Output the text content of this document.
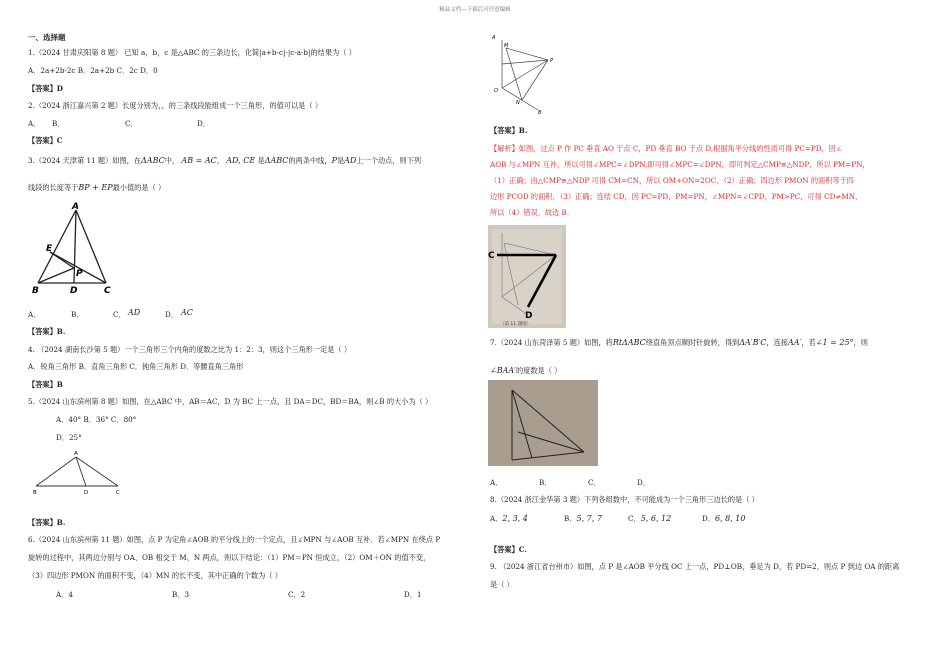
精品文档---下载后可任意编辑
一、选择题
1.（2024 甘肃庆阳第 8 题） 已知 a，b，c 是△ABC 的三条边长，化简|a+b-c|-|c-a-b|的结果为（ ）
A．2a+2b-2c B．2a+2b C．2c D．0
【答案】D
2.（2024 浙江嘉兴第 2 题）长度分别为，，的三条线段能组成一个三角形，的值可以是（ ）
A． B．	C．	D．
【答案】C
3.（2024 天津第 11 题）如图，在ΔABC中， AB = AC， AD, CE 是ΔABC的两条中线，P是AD上一个动点，则下列
线段的长度等于BP + EP最小值的是（ ）
A
E
P
B	D	C
A．	B．	C． AD	D． AC
【答案】B.
4. （2024 湖南长沙第 5 题）一个三角形三个内角的度数之比为 1：2：3，则这个三角形一定是（ ）
A．锐角三角形 B．直角三角形 C．钝角三角形 D．等腰直角三角形
【答案】B
5.（2024 山东滨州第 8 题）如图，在△ABC 中，AB＝AC，D 为 BC 上一点，且 DA＝DC，BD＝BA，则∠B 的大小为（ ）
A．40° B．36° C．80°
D．25°
A
B	D	C
【答案】B.
6.（2024 山东滨州第 11 题）如图，点 P 为定角∠AOB 的平分线上的一个定点，且∠MPN 与∠AOB 互补．若∠MPN 在绕点 P
旋转的过程中，其两边分别与 OA、OB 相交于 M、N 两点，则以下结论：（1）PM＝PN 恒成立，（2）OM＋ON 的值不变，
（3）四边形 PMON 的面积不变，（4）MN 的长不变，其中正确的个数为（ ）
A．4	B．3	C．2	D．1
A
M
P
O
N
B
【答案】B.
【解析】如图，过点 P 作 PC 垂直 AO 于点 C，PD 垂直 BO 于点 D,根据角平分线的性质可得 PC=PD，因∠
AOB 与∠MPN 互补，所以可得∠MPC=∠DPN,即可得∠MPC=∠DPN，即可判定△CMP≌△NDP，所以 PM=PN，
（1）正确；由△CMP≌△NDP 可得 CM=CN，所以 OM+ON=2OC，（2）正确；四边形 PMON 的面积等于四
边形 PCOD 的面积，（3）正确；连结 CD，因 PC=PD，PM=PN，∠MPN=∠CPD，PM>PC，可得 CD≠MN，
所以（4）错误，故选 B.
C
D
（第 11 题图）
7.（2024 山东菏泽第 5 题）如图，将RtΔABC绕直角顶点顺时针旋转，得到ΔA′B′C，连接AA′，若∠1 = 25°，则
∠BAA′的度数是（ ）
A．	B．	C．	D．
8.（2024 浙江金华第 3 题）下列各组数中，不可能成为一个三角形三边长的是（ ）
A．2, 3, 4	B．5, 7, 7	C．5, 6, 12	D．6, 8, 10
【答案】C.
9. （2024 浙江省台州市）如图，点 P 是∠AOB 平分线 OC 上一点，PD⊥OB，垂足为 D，若 PD=2，则点 P 到边 OA 的距离
是（ ）
